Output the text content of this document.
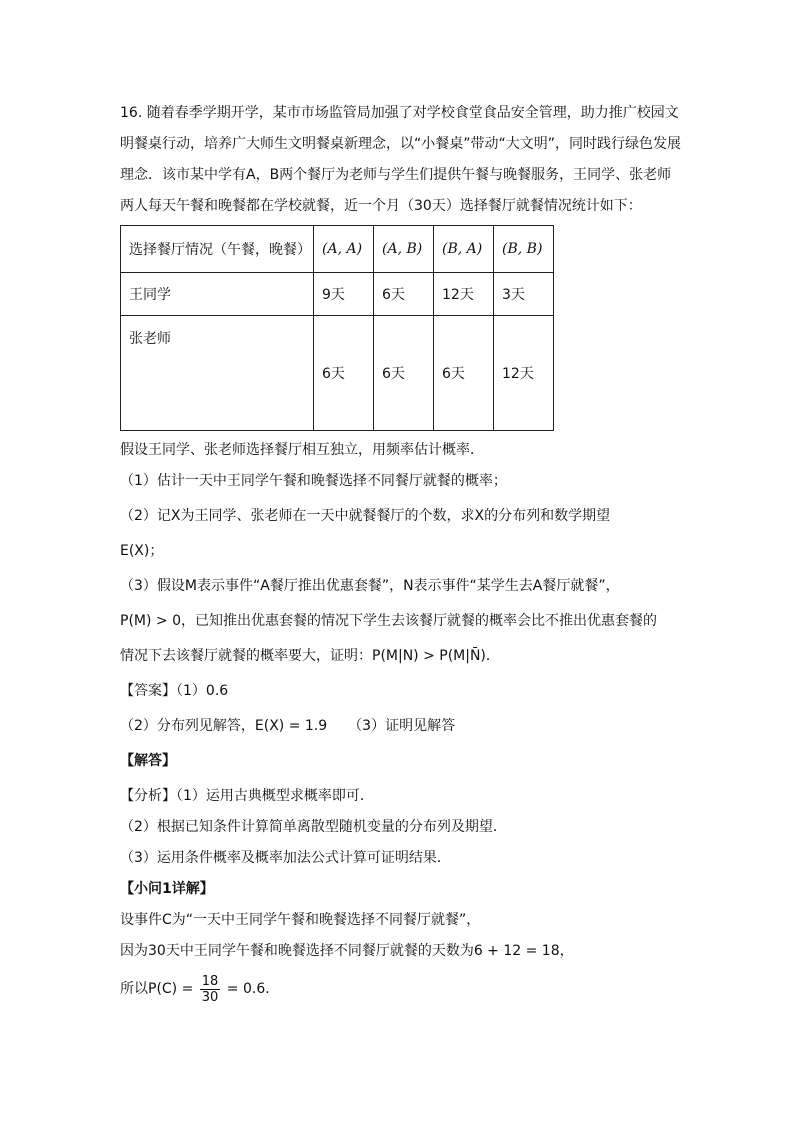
16. 随着春季学期开学，某市市场监管局加强了对学校食堂食品安全管理，助力推广校园文
明餐桌行动，培养广大师生文明餐桌新理念，以“小餐桌”带动“大文明”，同时践行绿色发展
理念．该市某中学有A，B两个餐厅为老师与学生们提供午餐与晚餐服务，王同学、张老师
两人每天午餐和晚餐都在学校就餐，近一个月（30天）选择餐厅就餐情况统计如下：
选择餐厅情况（午餐，晚餐）	(A, A)	(A, B)	(B, A)	(B, B)
王同学	9天	6天	12天	3天
张老师	6天	6天	6天	12天
假设王同学、张老师选择餐厅相互独立，用频率估计概率．
（1）估计一天中王同学午餐和晚餐选择不同餐厅就餐的概率；
（2）记X为王同学、张老师在一天中就餐餐厅的个数，求X的分布列和数学期望
E(X)；
（3）假设M表示事件“A餐厅推出优惠套餐”，N表示事件“某学生去A餐厅就餐”，
P(M) > 0，已知推出优惠套餐的情况下学生去该餐厅就餐的概率会比不推出优惠套餐的
情况下去该餐厅就餐的概率要大，证明：P(M|N) > P(M|N̄)．
【答案】（1）0.6
（2）分布列见解答，E(X) = 1.9　　（3）证明见解答
【解答】
【分析】（1）运用古典概型求概率即可．
（2）根据已知条件计算简单离散型随机变量的分布列及期望．
（3）运用条件概率及概率加法公式计算可证明结果．
【小问1详解】
设事件C为“一天中王同学午餐和晚餐选择不同餐厅就餐”，
因为30天中王同学午餐和晚餐选择不同餐厅就餐的天数为6 + 12 = 18，
所以$P(C) = \frac{18}{30} = 0.6$．
